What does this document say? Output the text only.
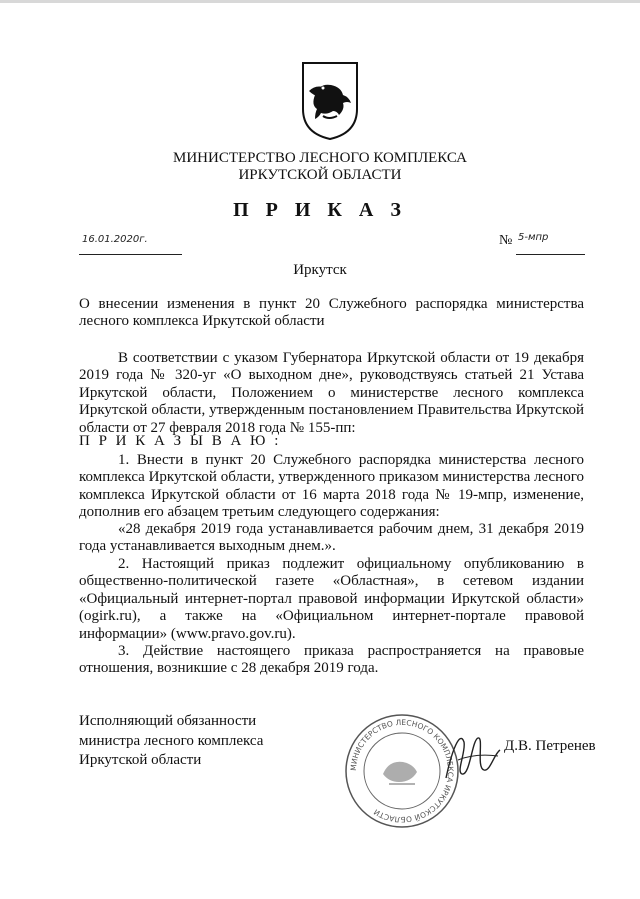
МИНИСТЕРСТВО ЛЕСНОГО КОМПЛЕКСА
ИРКУТСКОЙ ОБЛАСТИ
П Р И К А З
16.01.2020г.	№ 5-мпр
Иркутск
О внесении изменения в пункт 20 Служебного распорядка министерства лесного комплекса Иркутской области
В соответствии с указом Губернатора Иркутской области от 19 декабря 2019 года № 320-уг «О выходном дне», руководствуясь статьей 21 Устава Иркутской области, Положением о министерстве лесного комплекса Иркутской области, утвержденным постановлением Правительства Иркутской области от 27 февраля 2018 года № 155-пп:
П Р И К А З Ы В А Ю :
1. Внести в пункт 20 Служебного распорядка министерства лесного комплекса Иркутской области, утвержденного приказом министерства лесного комплекса Иркутской области от 16 марта 2018 года № 19-мпр, изменение, дополнив его абзацем третьим следующего содержания:
«28 декабря 2019 года устанавливается рабочим днем, 31 декабря 2019 года устанавливается выходным днем.».
2. Настоящий приказ подлежит официальному опубликованию в общественно-политической газете «Областная», в сетевом издании «Официальный интернет-портал правовой информации Иркутской области» (ogirk.ru), а также на «Официальном интернет-портале правовой информации» (www.pravo.gov.ru).
3. Действие настоящего приказа распространяется на правовые отношения, возникшие с 28 декабря 2019 года.
Исполняющий обязанности
министра лесного комплекса
Иркутской области	МИНИСТЕРСТВО ЛЕСНОГО КОМПЛЕКСА ИРКУТСКОЙ ОБЛАСТИ
Д.В. Петренев
